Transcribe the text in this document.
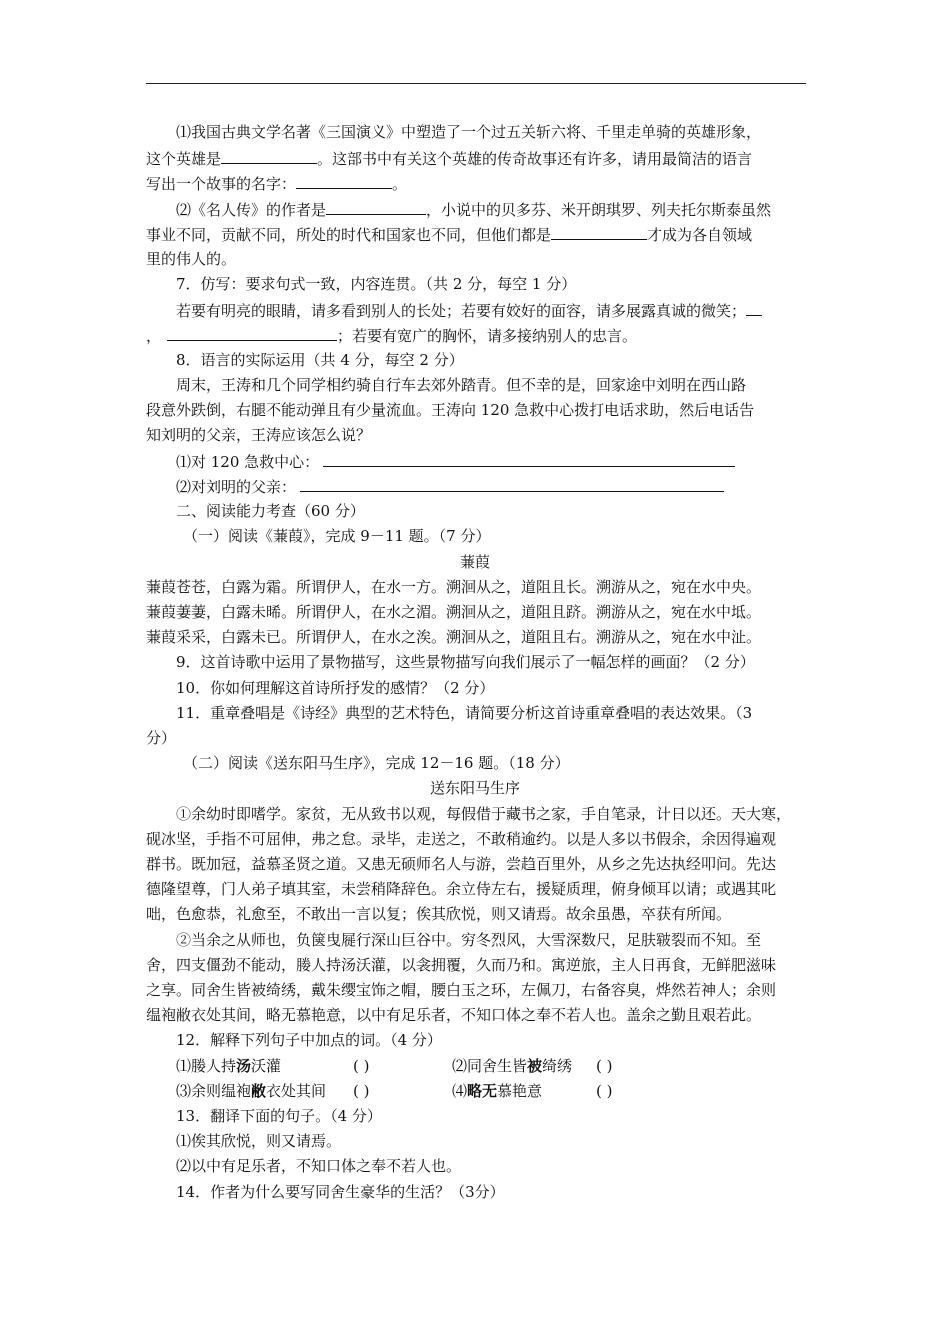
⑴我国古典文学名著《三国演义》中塑造了一个过五关斩六将、千里走单骑的英雄形象，
这个英雄是	。这部书中有关这个英雄的传奇故事还有许多，请用最简洁的语言
写出一个故事的名字：	。
⑵《名人传》的作者是	，小说中的贝多芬、米开朗琪罗、列夫托尔斯泰虽然
事业不同，贡献不同，所处的时代和国家也不同，但他们都是	才成为各自领域
里的伟人的。
7．仿写：要求句式一致，内容连贯。（共 2 分，每空 1 分）
若要有明亮的眼睛，请多看到别人的长处；若要有姣好的面容，请多展露真诚的微笑；
，	；若要有宽广的胸怀，请多接纳别人的忠言。
8．语言的实际运用（共 4 分，每空 2 分）
周末，王涛和几个同学相约骑自行车去郊外踏青。但不幸的是，回家途中刘明在西山路
段意外跌倒，右腿不能动弹且有少量流血。王涛向 120 急救中心拨打电话求助，然后电话告
知刘明的父亲，王涛应该怎么说？
⑴对 120 急救中心：
⑵对刘明的父亲：
二、阅读能力考查（60 分）
（一）阅读《蒹葭》，完成 9－11 题。（7 分）
蒹葭
蒹葭苍苍，白露为霜。所谓伊人，在水一方。溯洄从之，道阻且长。溯游从之，宛在水中央。
蒹葭萋萋，白露未晞。所谓伊人，在水之湄。溯洄从之，道阻且跻。溯游从之，宛在水中坻。
蒹葭采采，白露未已。所谓伊人，在水之涘。溯洄从之，道阻且右。溯游从之，宛在水中沚。
9．这首诗歌中运用了景物描写，这些景物描写向我们展示了一幅怎样的画面？（2 分）
10．你如何理解这首诗所抒发的感情？（2 分）
11．重章叠唱是《诗经》典型的艺术特色，请简要分析这首诗重章叠唱的表达效果。（3
分）
（二）阅读《送东阳马生序》，完成 12－16 题。（18 分）
送东阳马生序
①余幼时即嗜学。家贫，无从致书以观，每假借于藏书之家，手自笔录，计日以还。天大寒，
砚冰坚，手指不可屈伸，弗之怠。录毕，走送之，不敢稍逾约。以是人多以书假余，余因得遍观
群书。既加冠，益慕圣贤之道。又患无硕师名人与游，尝趋百里外，从乡之先达执经叩问。先达
德隆望尊，门人弟子填其室，未尝稍降辞色。余立侍左右，援疑质理，俯身倾耳以请；或遇其叱
咄，色愈恭，礼愈至，不敢出一言以复；俟其欣悦，则又请焉。故余虽愚，卒获有所闻。
②当余之从师也，负箧曳屣行深山巨谷中。穷冬烈风，大雪深数尺，足肤皲裂而不知。至
舍，四支僵劲不能动，媵人持汤沃灌，以衾拥覆，久而乃和。寓逆旅，主人日再食，无鲜肥滋味
之享。同舍生皆被绮绣，戴朱缨宝饰之帽，腰白玉之环，左佩刀，右备容臭，烨然若神人；余则
缊袍敝衣处其间，略无慕艳意，以中有足乐者，不知口体之奉不若人也。盖余之勤且艰若此。
12．解释下列句子中加点的词。（4 分）
⑴媵人持汤沃灌	( )	⑵同舍生皆被绮绣 ( )
⑶余则缊袍敝衣处其间 ( )	⑷略无慕艳意	( )
13．翻译下面的句子。（4 分）
⑴俟其欣悦，则又请焉。
⑵以中有足乐者，不知口体之奉不若人也。
14．作者为什么要写同舍生豪华的生活？（3分）
